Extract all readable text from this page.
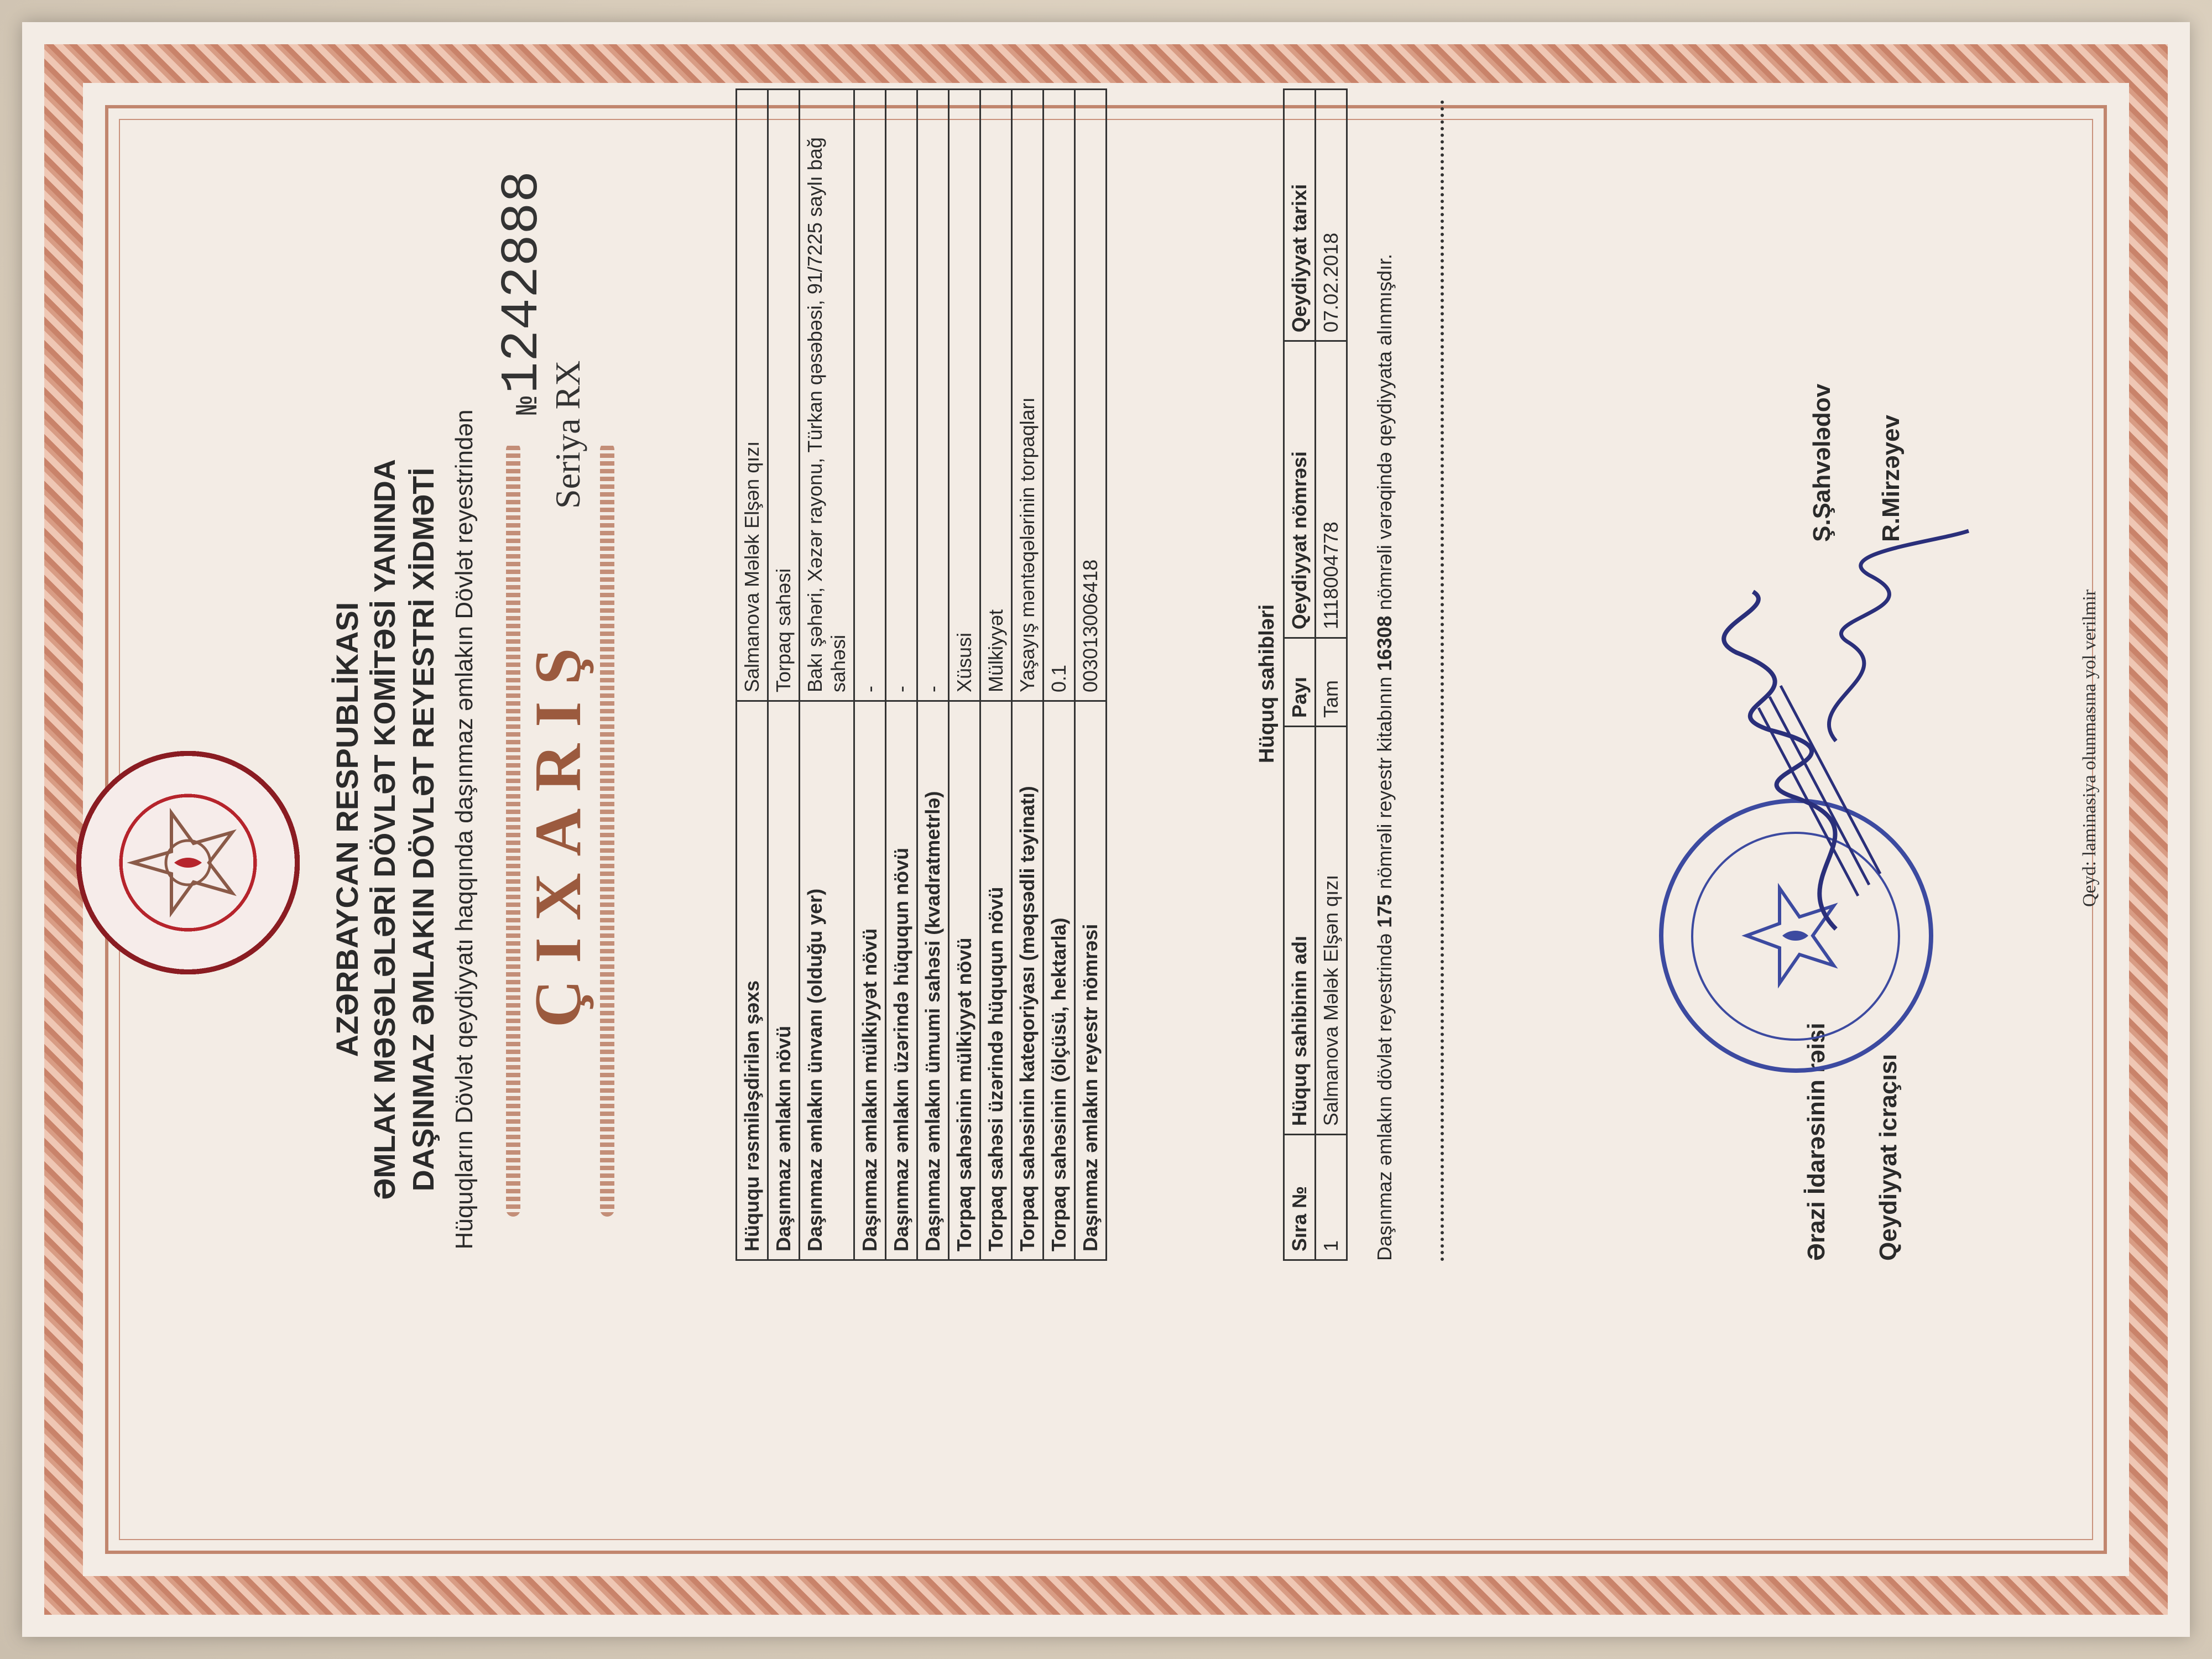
AZƏRBAYCAN RESPUBLİKASI ƏMLAK MƏSƏLƏLƏRİ DÖVLƏT KOMİTƏSİ YANINDA DAŞINMAZ ƏMLAKIN DÖVLƏT REYESTRİ XİDMƏTİ Hüquqların Dövlət qeydiyyatı haqqında daşınmaz əmlakın Dövlət reyestrindən ÇIXARIŞ
№ 1242888
Seriya RX
Hüququ rəsmiləşdirilən şəxs	Salmanova Mələk Elşən qızı
Daşınmaz əmlakın növü	Torpaq sahəsi
Daşınmaz əmlakın ünvanı (olduğu yer)	Bakı şəhəri, Xəzər rayonu, Türkan qəsəbəsi, 91/7225 saylı bağ sahəsi
Daşınmaz əmlakın mülkiyyət növü	-
Daşınmaz əmlakın üzərində hüququn növü	-
Daşınmaz əmlakın ümumi sahəsi (kvadratmetrlə)	-
Torpaq sahəsinin mülkiyyət növü	Xüsusi
Torpaq sahəsi üzərində hüququn növü	Mülkiyyət
Torpaq sahəsinin kateqoriyası (məqsədli təyinatı)	Yaşayış məntəqələrinin torpaqları
Torpaq sahəsinin (ölçüsü, hektarla)	0.1
Daşınmaz əmlakın reyestr nömrəsi	003013006418	Hüquq sahibləri
Sıra №	Hüquq sahibinin adı	Payı	Qeydiyyat nömrəsi	Qeydiyyat tarixi
1	Salmanova Mələk Elşən qızı	Tam	1118004778	07.02.2018
Daşınmaz əmlakın dövlət reyestrində 175 nömrəli reyestr kitabının 16308 nömrəli vərəqində qeydiyyata alınmışdır.
Ərazi İdarəsinin rəisi Qeydiyyat icraçısı
Ş.Şahvələdov R.Mirzəyev
Qeyd: laminasiya olunmasına yol verilmir
